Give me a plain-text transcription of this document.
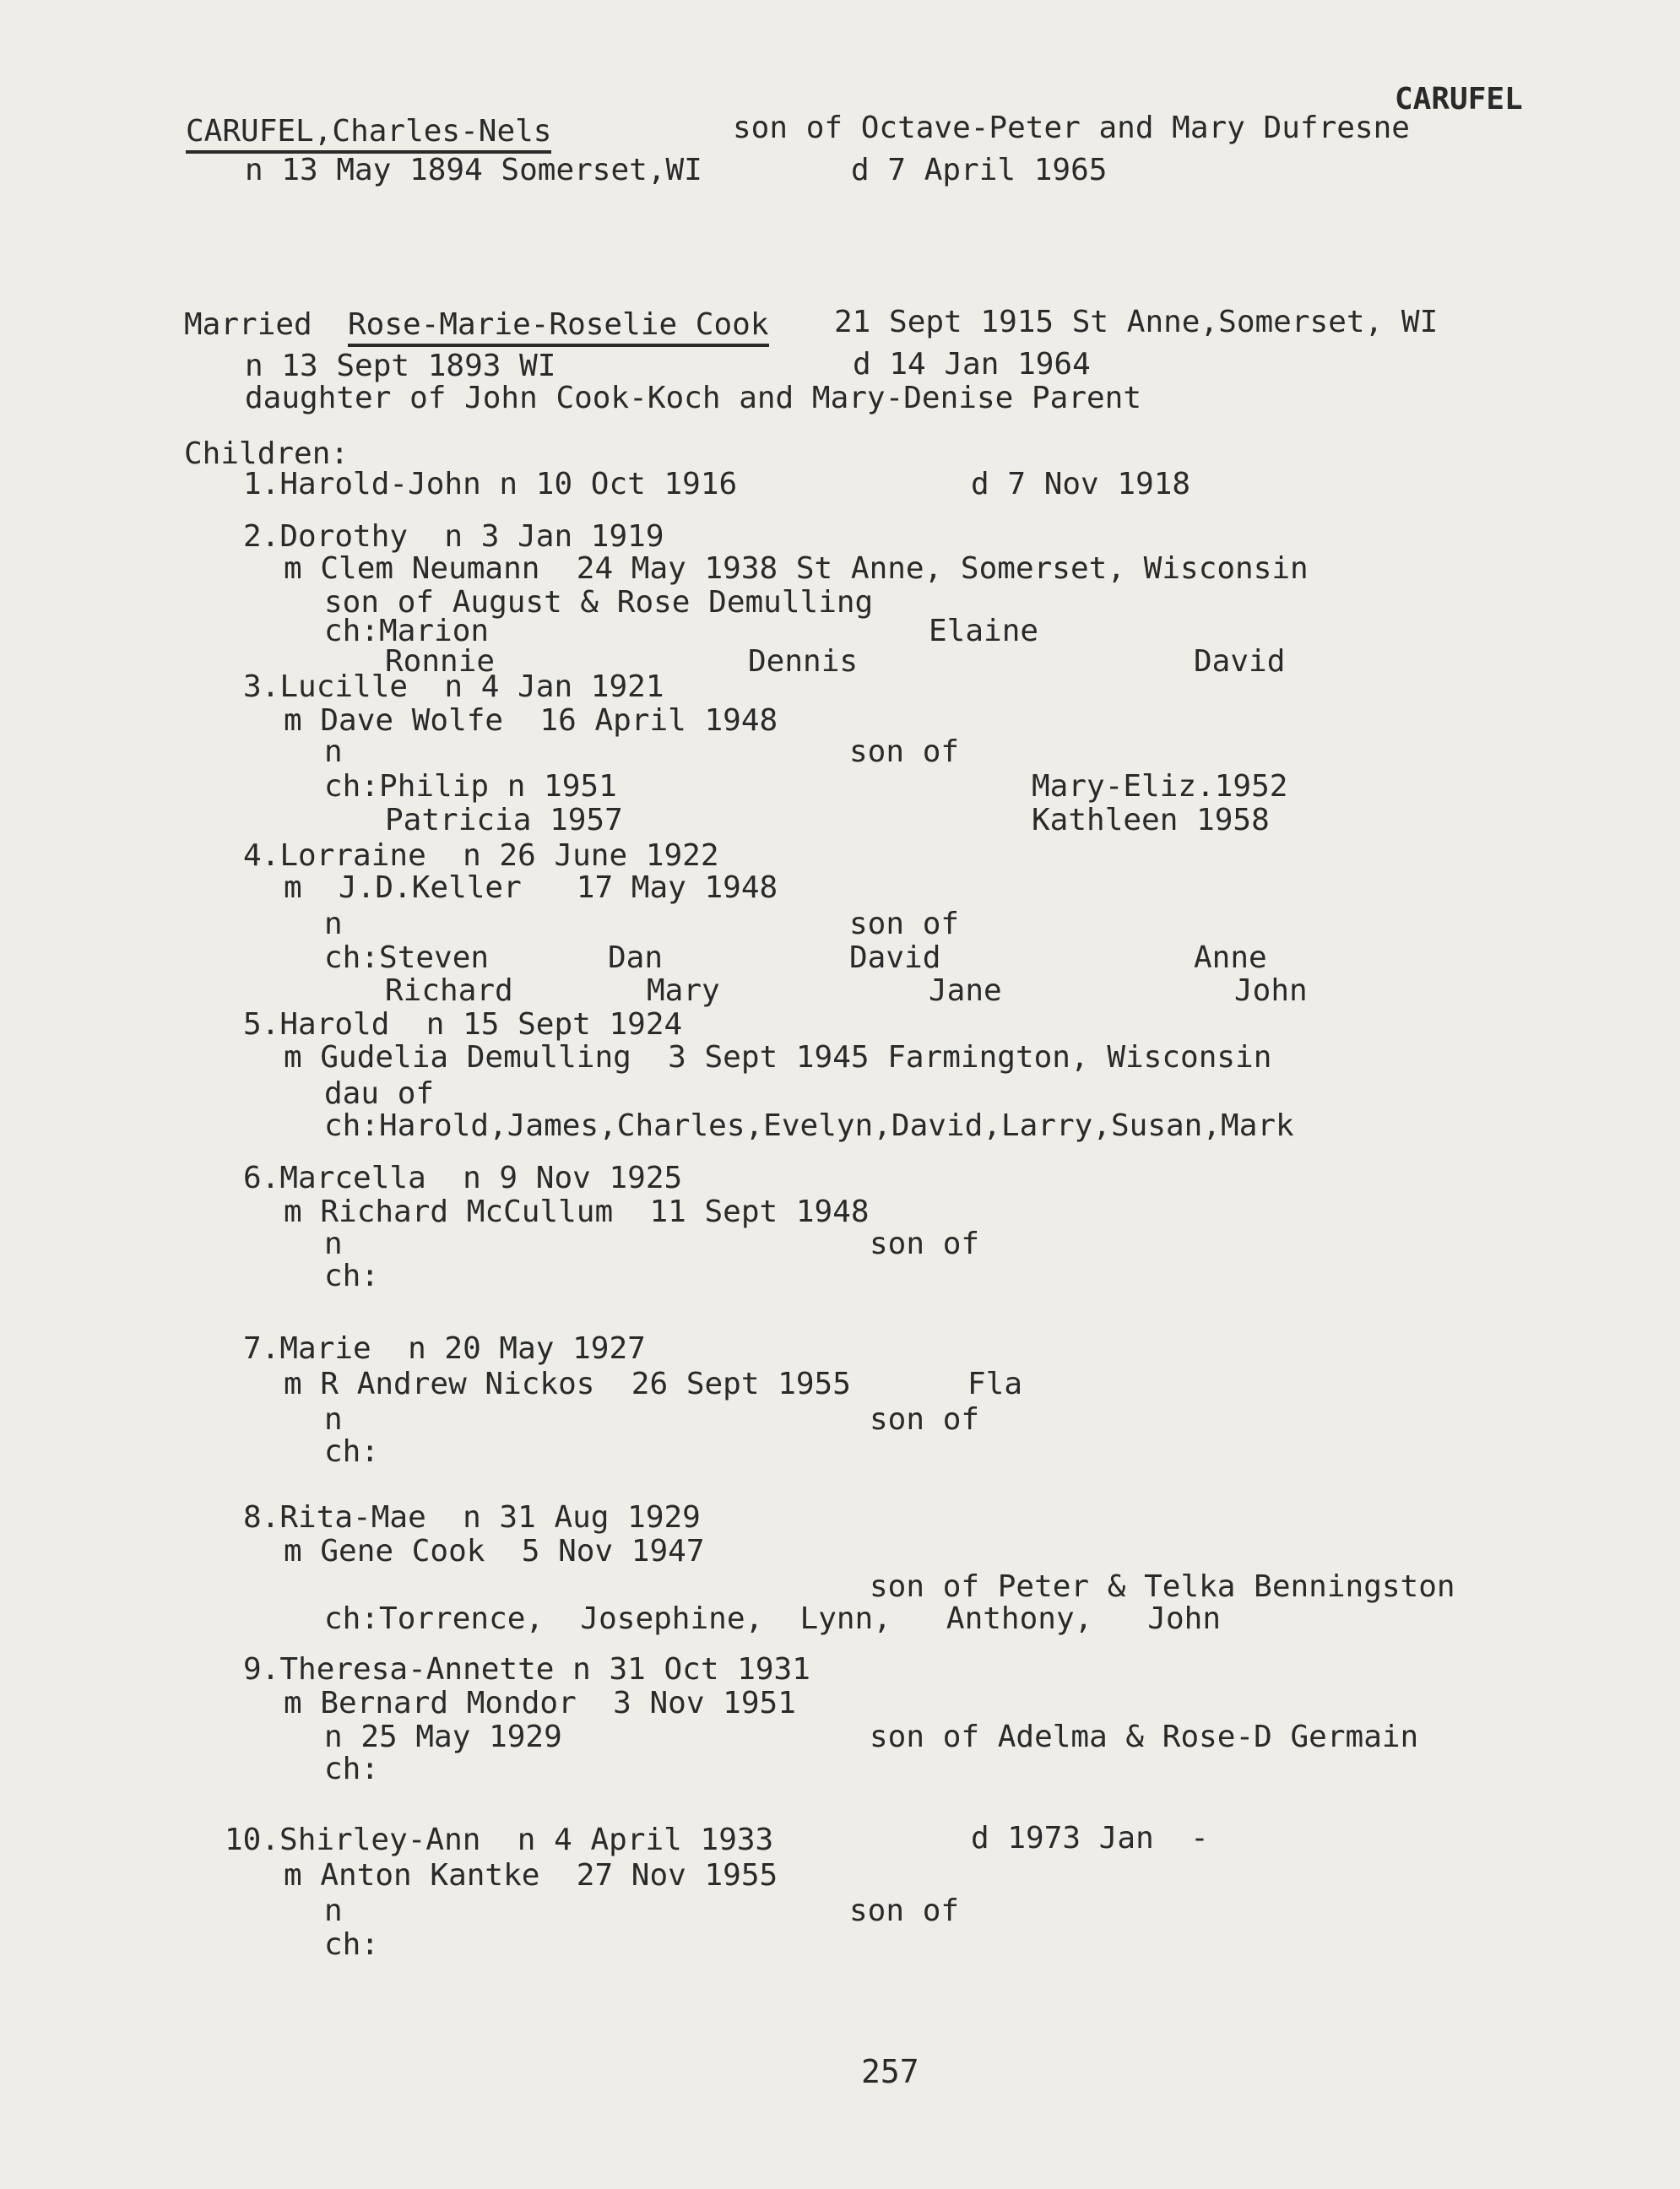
CARUFEL
CARUFEL,Charles-Nels	son of Octave-Peter and Mary Dufresne
n 13 May 1894 Somerset,WI	d 7 April 1965
Married Rose-Marie-Roselie Cook 21 Sept 1915 St Anne,Somerset, WI
n 13 Sept 1893 WI	d 14 Jan 1964
daughter of John Cook-Koch and Mary-Denise Parent
Children:
1.Harold-John n 10 Oct 1916	d 7 Nov 1918
2.Dorothy  n 3 Jan 1919
m Clem Neumann  24 May 1938 St Anne, Somerset, Wisconsin
son of August & Rose Demulling
ch:Marion	Elaine
Ronnie	Dennis	David
3.Lucille  n 4 Jan 1921
m Dave Wolfe  16 April 1948
n	son of
ch:Philip n 1951	Mary-Eliz.1952
Patricia 1957	Kathleen 1958
4.Lorraine  n 26 June 1922
m  J.D.Keller   17 May 1948
n	son of
ch:Steven	Dan	David	Anne
Richard	Mary	Jane	John
5.Harold  n 15 Sept 1924
m Gudelia Demulling  3 Sept 1945 Farmington, Wisconsin
dau of
ch:Harold,James,Charles,Evelyn,David,Larry,Susan,Mark
6.Marcella  n 9 Nov 1925
m Richard McCullum  11 Sept 1948
n	son of
ch:
7.Marie  n 20 May 1927
m R Andrew Nickos  26 Sept 1955	Fla
n	son of
ch:
8.Rita-Mae  n 31 Aug 1929
m Gene Cook  5 Nov 1947
son of Peter & Telka Benningston
ch:Torrence,  Josephine,  Lynn,   Anthony,   John
9.Theresa-Annette n 31 Oct 1931
m Bernard Mondor  3 Nov 1951
n 25 May 1929	son of Adelma & Rose-D Germain
ch:
10.Shirley-Ann  n 4 April 1933	d 1973 Jan  -
m Anton Kantke  27 Nov 1955
n	son of
ch:
257
